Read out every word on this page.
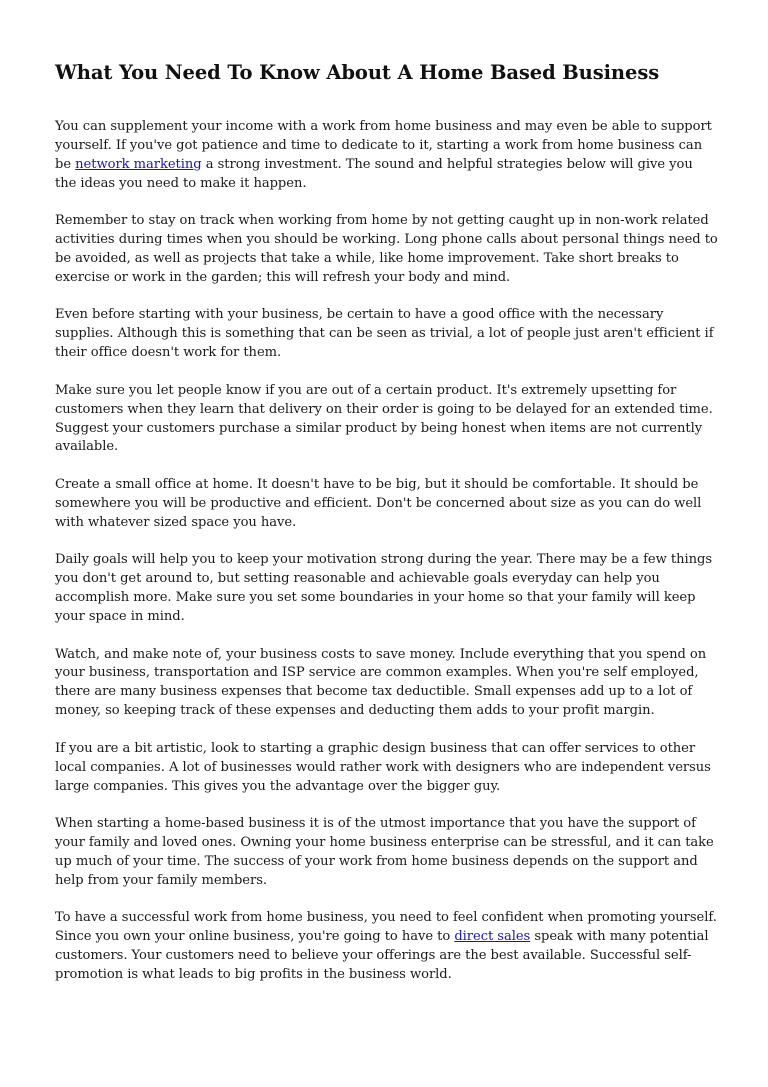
What You Need To Know About A Home Based Business

You can supplement your income with a work from home business and may even be able to support yourself. If you've got patience and time to dedicate to it, starting a work from home business can be network marketing a strong investment. The sound and helpful strategies below will give you the ideas you need to make it happen.

Remember to stay on track when working from home by not getting caught up in non-work related activities during times when you should be working. Long phone calls about personal things need to be avoided, as well as projects that take a while, like home improvement. Take short breaks to exercise or work in the garden; this will refresh your body and mind.

Even before starting with your business, be certain to have a good office with the necessary supplies. Although this is something that can be seen as trivial, a lot of people just aren't efficient if their office doesn't work for them.

Make sure you let people know if you are out of a certain product. It's extremely upsetting for customers when they learn that delivery on their order is going to be delayed for an extended time. Suggest your customers purchase a similar product by being honest when items are not currently available.

Create a small office at home. It doesn't have to be big, but it should be comfortable. It should be somewhere you will be productive and efficient. Don't be concerned about size as you can do well with whatever sized space you have.

Daily goals will help you to keep your motivation strong during the year. There may be a few things you don't get around to, but setting reasonable and achievable goals everyday can help you accomplish more. Make sure you set some boundaries in your home so that your family will keep your space in mind.

Watch, and make note of, your business costs to save money. Include everything that you spend on your business, transportation and ISP service are common examples. When you're self employed, there are many business expenses that become tax deductible. Small expenses add up to a lot of money, so keeping track of these expenses and deducting them adds to your profit margin.

If you are a bit artistic, look to starting a graphic design business that can offer services to other local companies. A lot of businesses would rather work with designers who are independent versus large companies. This gives you the advantage over the bigger guy.

When starting a home-based business it is of the utmost importance that you have the support of your family and loved ones. Owning your home business enterprise can be stressful, and it can take up much of your time. The success of your work from home business depends on the support and help from your family members.

To have a successful work from home business, you need to feel confident when promoting yourself. Since you own your online business, you're going to have to direct sales speak with many potential customers. Your customers need to believe your offerings are the best available. Successful self-promotion is what leads to big profits in the business world.
